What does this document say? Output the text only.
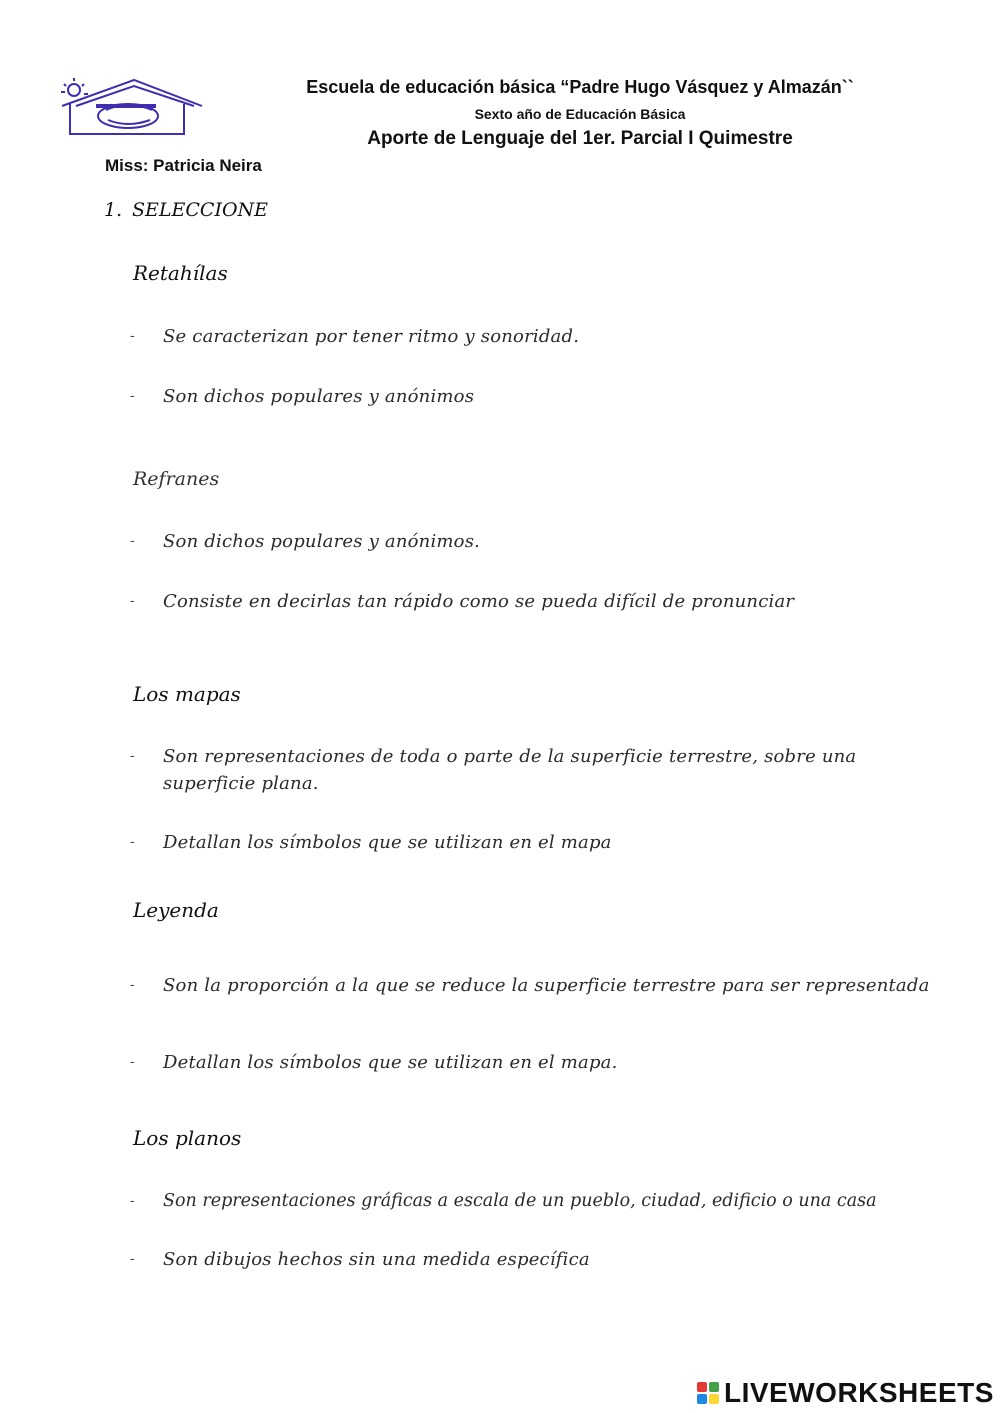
Escuela de educación básica “Padre Hugo Vásquez y Almazán``
Sexto año de Educación Básica
Aporte de Lenguaje del 1er. Parcial I Quimestre
Miss: Patricia Neira
1. SELECCIONE
Retahílas
- Se caracterizan por tener ritmo y sonoridad.
- Son dichos populares y anónimos
Refranes
- Son dichos populares y anónimos.
- Consiste en decirlas tan rápido como se pueda difícil de pronunciar
Los mapas
- Son representaciones de toda o parte de la superficie terrestre, sobre una superficie plana.
- Detallan los símbolos que se utilizan en el mapa
Leyenda
- Son la proporción a la que se reduce la superficie terrestre para ser representada
- Detallan los símbolos que se utilizan en el mapa.
Los planos
- Son representaciones gráficas a escala de un pueblo, ciudad, edificio o una casa
- Son dibujos hechos sin una medida específica
LIVEWORKSHEETS
